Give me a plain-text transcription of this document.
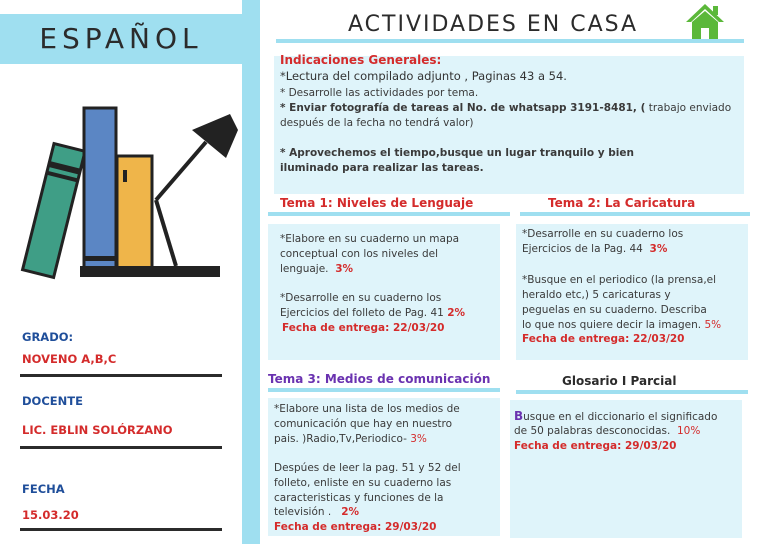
ESPAÑOL
GRADO:
NOVENO A,B,C
DOCENTE
LIC. EBLIN SOLÓRZANO
FECHA
15.03.20
ACTIVIDADES EN CASA
Indicaciones Generales:
*Lectura del compilado adjunto , Paginas 43 a 54.
* Desarrolle las actividades por tema.
* Enviar fotografía de tareas al No. de whatsapp 3191-8481, ( trabajo enviado
después de la fecha no tendrá valor)
* Aprovechemos el tiempo,busque un lugar tranquilo y bien
iluminado para realizar las tareas.
Tema 1: Niveles de Lenguaje
*Elabore en su cuaderno un mapa
conceptual con los niveles del
lenguaje. 3%
*Desarrolle en su cuaderno los
Ejercicios del folleto de Pag. 41 2%
Fecha de entrega: 22/03/20
Tema 2: La Caricatura
*Desarrolle en su cuaderno los
Ejercicios de la Pag. 44 3%
*Busque en el periodico (la prensa,el
heraldo etc,) 5 caricaturas y
peguelas en su cuaderno. Describa
lo que nos quiere decir la imagen. 5%
Fecha de entrega: 22/03/20
Tema 3: Medios de comunicación
*Elabore una lista de los medios de
comunicación que hay en nuestro
pais. )Radio,Tv,Periodico- 3%
Despúes de leer la pag. 51 y 52 del
folleto, enliste en su cuaderno las
caracteristicas y funciones de la
televisión . 2%
Fecha de entrega: 29/03/20
Glosario I Parcial
Busque en el diccionario el significado
de 50 palabras desconocidas. 10%
Fecha de entrega: 29/03/20
